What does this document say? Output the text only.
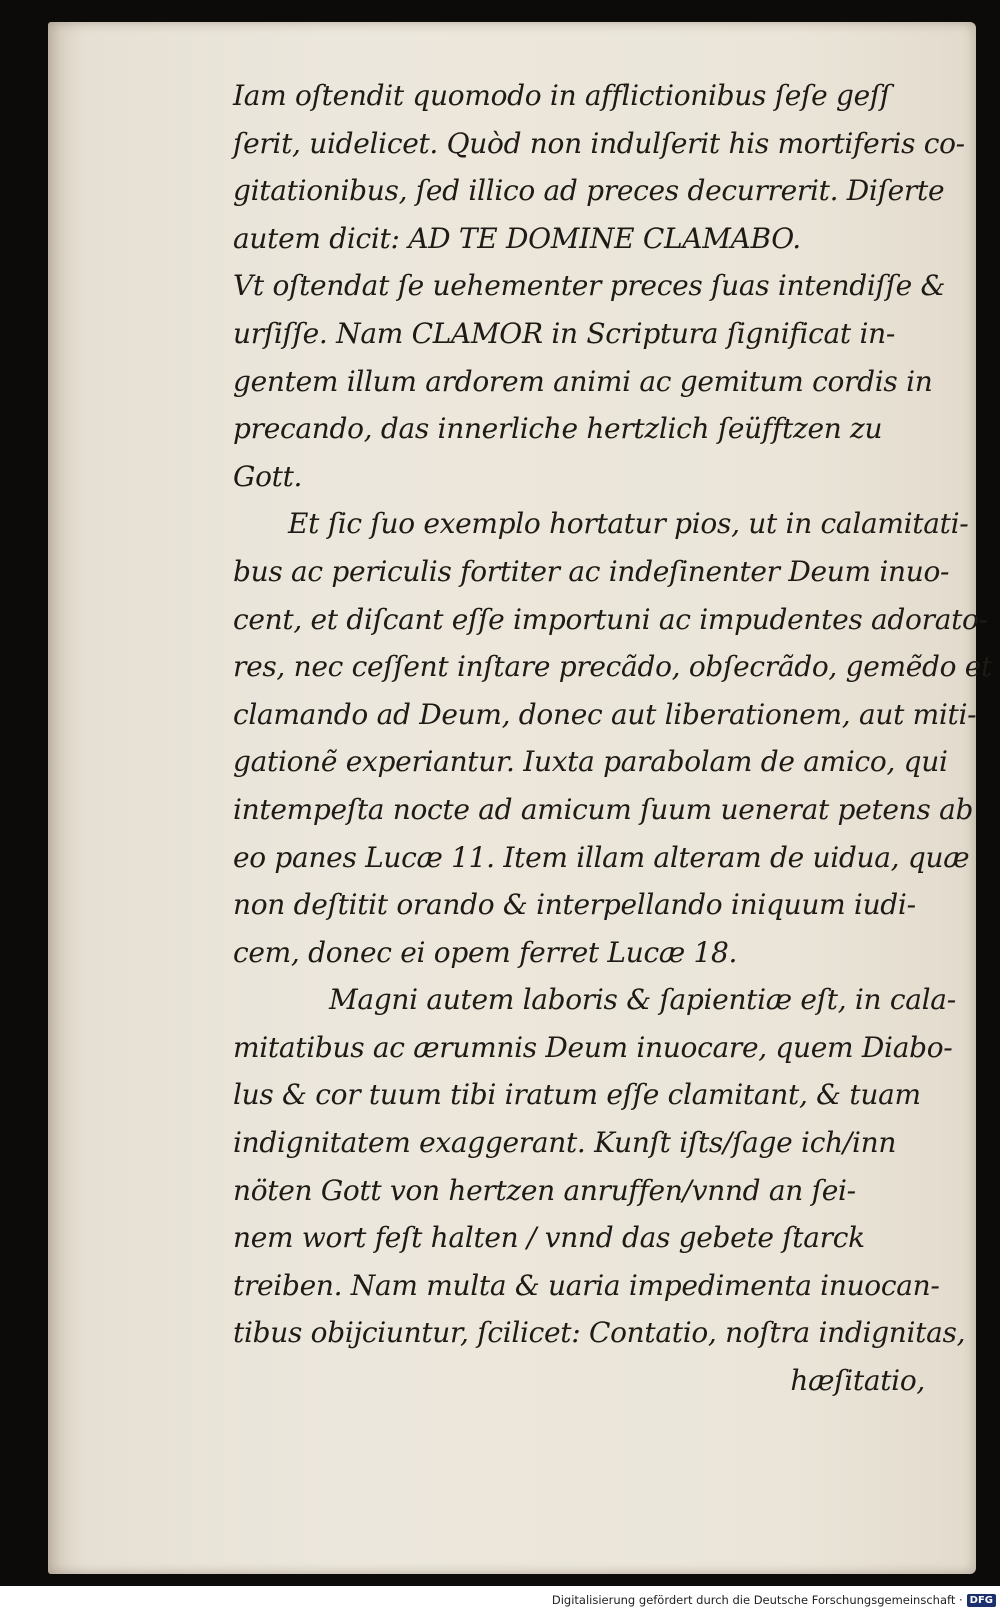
Iam oſtendit quomodo in afflictionibus ſeſe geſſ
ſerit, uidelicet. Quòd non indulſerit his mortiferis co-
gitationibus, ſed illico ad preces decurrerit. Diſerte
autem dicit: AD TE DOMINE CLAMABO.
Vt oſtendat ſe uehementer preces ſuas intendiſſe &
urſiſſe. Nam CLAMOR in Scriptura ſignificat in-
gentem illum ardorem animi ac gemitum cordis in
precando, das innerliche hertzlich ſeüfftzen zu
Gott.
Et ſic ſuo exemplo hortatur pios, ut in calamitati-
bus ac periculis fortiter ac indeſinenter Deum inuo-
cent, et diſcant eſſe importuni ac impudentes adorato-
res, nec ceſſent inſtare precãdo, obſecrãdo, gemẽdo et
clamando ad Deum, donec aut liberationem, aut miti-
gationẽ experiantur. Iuxta parabolam de amico, qui
intempeſta nocte ad amicum ſuum uenerat petens ab
eo panes Lucæ 11. Item illam alteram de uidua, quæ
non deſtitit orando & interpellando iniquum iudi-
cem, donec ei opem ferret Lucæ 18.
Magni autem laboris & ſapientiæ eſt, in cala-
mitatibus ac ærumnis Deum inuocare, quem Diabo-
lus & cor tuum tibi iratum eſſe clamitant, & tuam
indignitatem exaggerant. Kunſt iſts/ſage ich/inn
nöten Gott von hertzen anruffen/vnnd an ſei-
nem wort feſt halten / vnnd das gebete ſtarck
treiben. Nam multa & uaria impedimenta inuocan-
tibus obijciuntur, ſcilicet: Contatio, noſtra indignitas,
hæſitatio,
Digitalisierung gefördert durch die Deutsche Forschungsgemeinschaft · DFG
